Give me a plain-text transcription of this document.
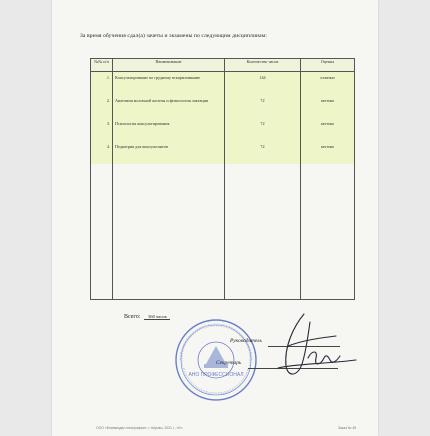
За время обучения сдал(а) зачеты и экзамены по следующим дисциплинам:
№№ п/п	Наименование	Количество часов	Оценка
1.	Консультирование по грудному вскармливанию	144	отлично
2.	Анатомия молочной железы и физиология лактации	72	зачтено
3.	Психология консультирования	72	зачтено
4.	Педиатрия для консультантов	72	зачтено

Всего: 360 часов
АНО ПРОФЕССИОНАЛ
Руководитель
Секретарь
ООО «Бланкиздат-типография», г. Кирово, 2021 г., «Б».	Заказ № 45
